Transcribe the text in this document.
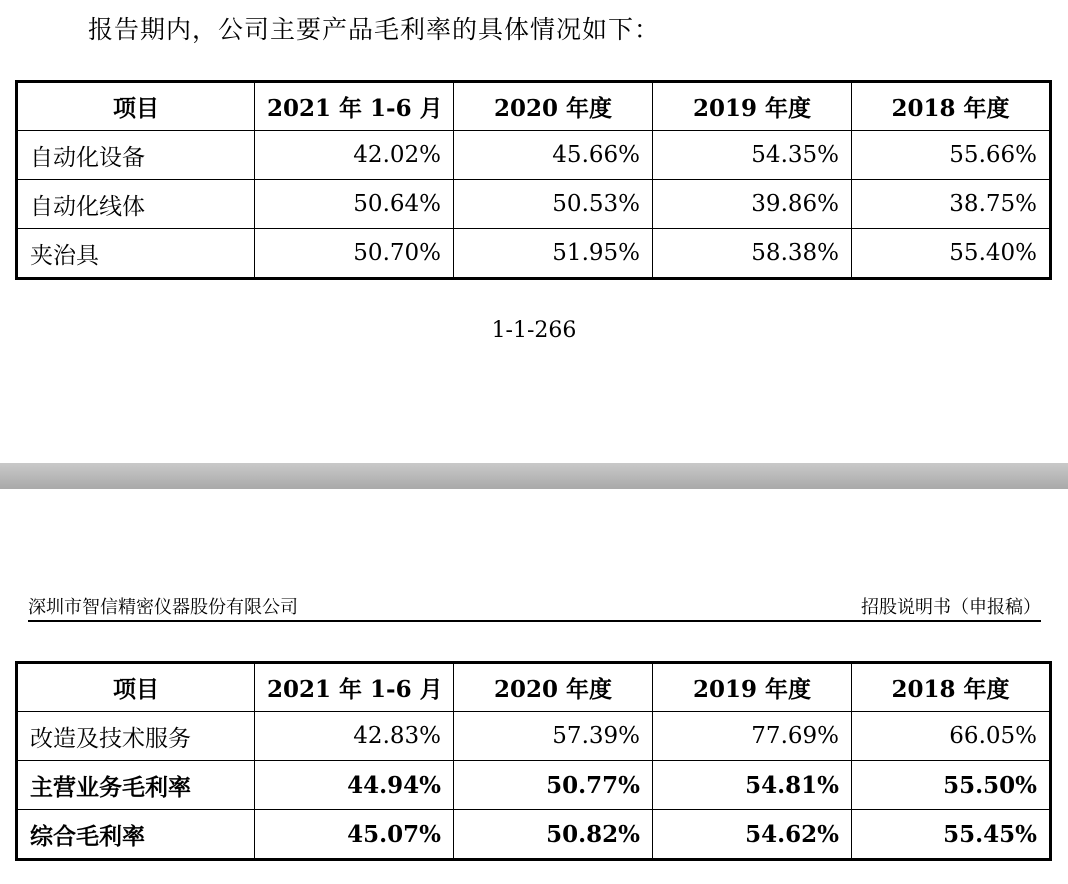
报告期内，公司主要产品毛利率的具体情况如下：
项目	2021 年 1-6 月	2020 年度	2019 年度	2018 年度
自动化设备	42.02%	45.66%	54.35%	55.66%
自动化线体	50.64%	50.53%	39.86%	38.75%
夹治具	50.70%	51.95%	58.38%	55.40%
1-1-266
深圳市智信精密仪器股份有限公司	招股说明书（申报稿）
项目	2021 年 1-6 月	2020 年度	2019 年度	2018 年度
改造及技术服务	42.83%	57.39%	77.69%	66.05%
主营业务毛利率	44.94%	50.77%	54.81%	55.50%
综合毛利率	45.07%	50.82%	54.62%	55.45%
